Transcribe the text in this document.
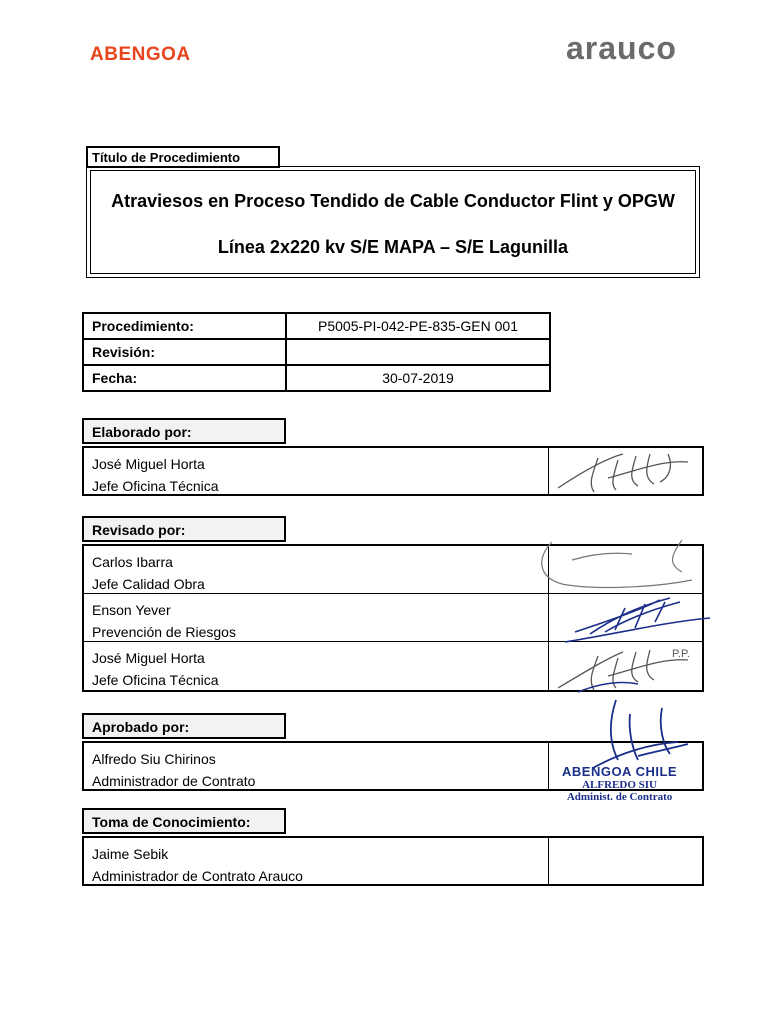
ABENGOA	arauco
Título de Procedimiento
Atraviesos en Proceso Tendido de Cable Conductor Flint y OPGW
Línea 2x220 kv S/E MAPA – S/E Lagunilla
Procedimiento:	P5005-PI-042-PE-835-GEN 001
Revisión:	
Fecha:	30-07-2019
Elaborado por:
José Miguel Horta
Jefe Oficina Técnica
Revisado por:
Carlos Ibarra
Jefe Calidad Obra
Enson Yever
Prevención de Riesgos
José Miguel Horta
Jefe Oficina Técnica
P.P.
Aprobado por:
Alfredo Siu Chirinos
Administrador de Contrato
ABENGOA CHILE
ALFREDO SIU
Administ. de Contrato
Toma de Conocimiento:
Jaime Sebik
Administrador de Contrato Arauco
